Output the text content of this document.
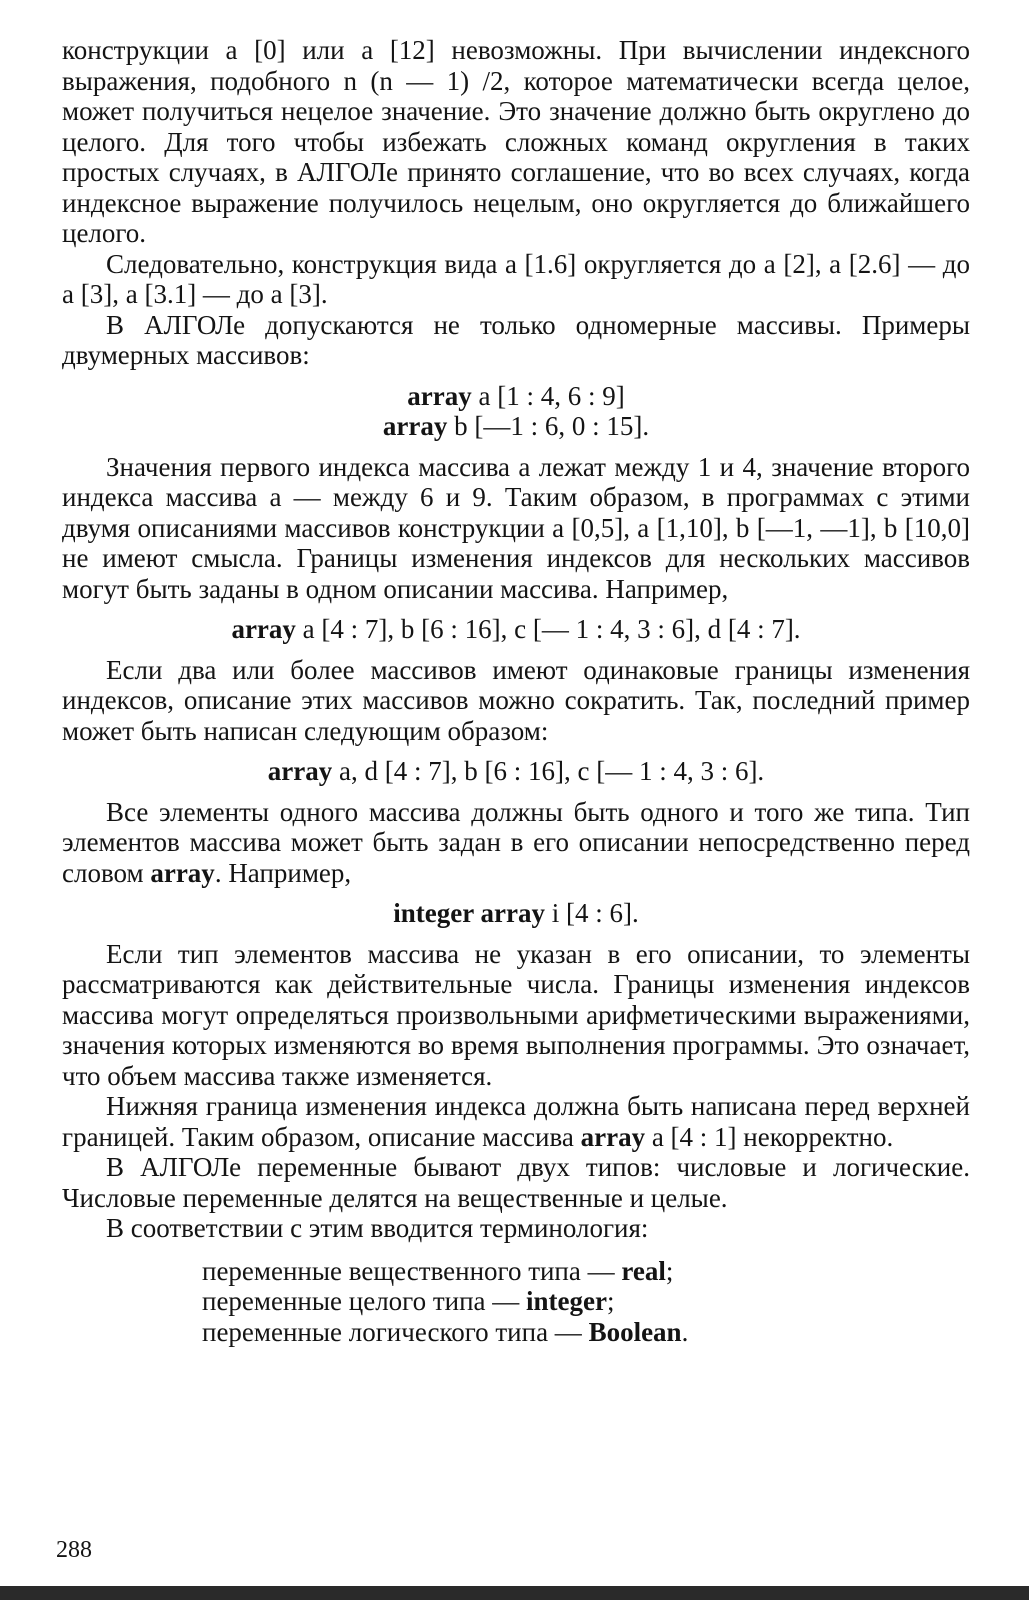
конструкции a [0] или a [12] невозможны. При вычислении индексного выражения, подобного n (n — 1) /2, которое математически всегда целое, может получиться нецелое значение. Это значение должно быть округлено до целого. Для того чтобы избежать сложных команд округления в таких простых случаях, в АЛГОЛе принято соглашение, что во всех случаях, когда индексное выражение получилось нецелым, оно округляется до ближайшего целого.

Следовательно, конструкция вида a [1.6] округляется до a [2], a [2.6] — до a [3], a [3.1] — до a [3].

В АЛГОЛе допускаются не только одномерные массивы. Примеры двумерных массивов:

array a [1 : 4, 6 : 9]

array b [—1 : 6, 0 : 15].

Значения первого индекса массива a лежат между 1 и 4, значение второго индекса массива a — между 6 и 9. Таким образом, в программах с этими двумя описаниями массивов конструкции a [0,5], a [1,10], b [—1, —1], b [10,0] не имеют смысла. Границы изменения индексов для нескольких массивов могут быть заданы в одном описании массива. Например,

array a [4 : 7], b [6 : 16], c [— 1 : 4, 3 : 6], d [4 : 7].

Если два или более массивов имеют одинаковые границы изменения индексов, описание этих массивов можно сократить. Так, последний пример может быть написан следующим образом:

array a, d [4 : 7], b [6 : 16], c [— 1 : 4, 3 : 6].

Все элементы одного массива должны быть одного и того же типа. Тип элементов массива может быть задан в его описании непосредственно перед словом array. Например,

integer array i [4 : 6].

Если тип элементов массива не указан в его описании, то элементы рассматриваются как действительные числа. Границы изменения индексов массива могут определяться произвольными арифметическими выражениями, значения которых изменяются во время выполнения программы. Это означает, что объем массива также изменяется.

Нижняя граница изменения индекса должна быть написана перед верхней границей. Таким образом, описание массива array a [4 : 1] некорректно.

В АЛГОЛе переменные бывают двух типов: числовые и логические. Числовые переменные делятся на вещественные и целые.

В соответствии с этим вводится терминология:

переменные вещественного типа — real;
переменные целого типа — integer;
переменные логического типа — Boolean.
288
